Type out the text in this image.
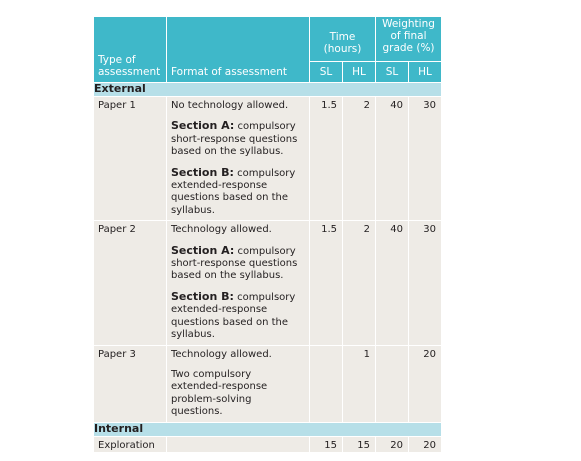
Type of assessment	Format of assessment	Time (hours)		Weighting of final grade (%)	
		SL	HL	SL	HL
External					
Paper 1	No technology allowed.

Section A: compulsory short-response questions based on the syllabus.

Section B: compulsory extended-response questions based on the syllabus.	1.5	2	40	30
Paper 2	Technology allowed.

Section A: compulsory short-response questions based on the syllabus.

Section B: compulsory extended-response questions based on the syllabus.	1.5	2	40	30
Paper 3	Technology allowed.

Two compulsory extended-response problem-solving questions.		1		20
Internal					
Exploration		15	15	20	20
